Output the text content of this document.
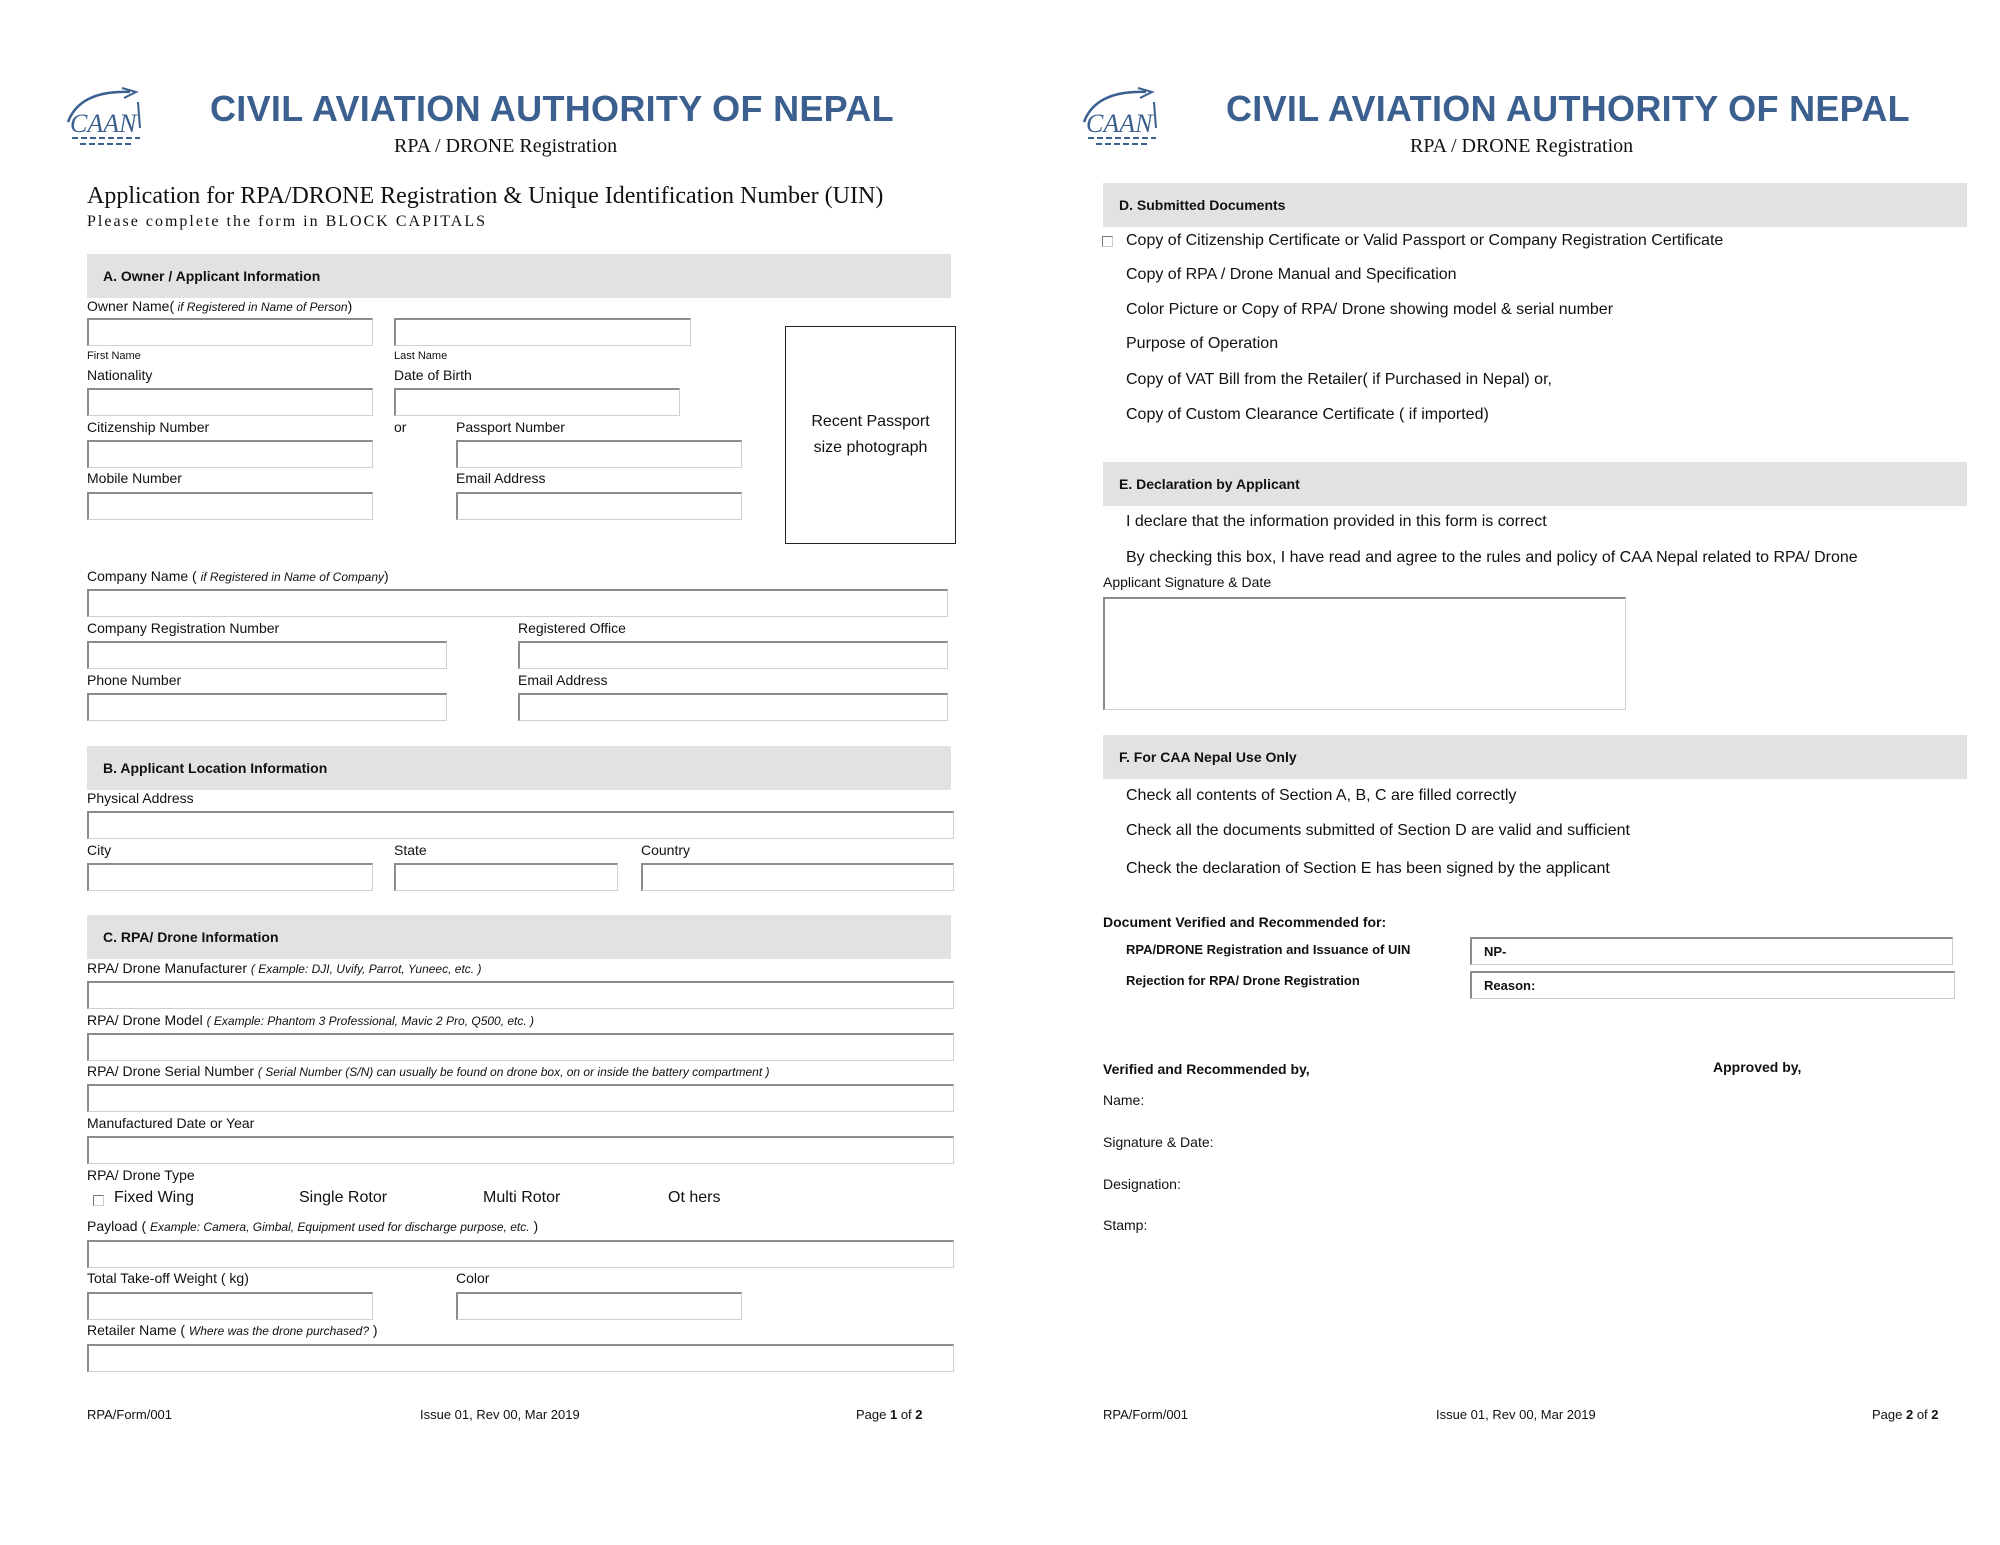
CAAN CIVIL AVIATION AUTHORITY OF NEPAL
RPA / DRONE Registration
Application for RPA/DRONE Registration & Unique Identification Number (UIN)
Please complete the form in BLOCK CAPITALS
A. Owner / Applicant Information
Owner Name( if Registered in Name of Person)
First Name	Last Name
Nationality	Date of Birth
Citizenship Number	or	Passport Number
Mobile Number	Email Address
Recent Passport size photograph
Company Name ( if Registered in Name of Company)
Company Registration Number	Registered Office
Phone Number	Email Address
B. Applicant Location Information
Physical Address
City	State	Country
C. RPA/ Drone Information
RPA/ Drone Manufacturer ( Example: DJI, Uvify, Parrot, Yuneec, etc. )
RPA/ Drone Model ( Example: Phantom 3 Professional, Mavic 2 Pro, Q500, etc. )
RPA/ Drone Serial Number ( Serial Number (S/N) can usually be found on drone box, on or inside the battery compartment )
Manufactured Date or Year
RPA/ Drone Type
Fixed Wing	Single Rotor	Multi Rotor	Ot hers
Payload ( Example: Camera, Gimbal, Equipment used for discharge purpose, etc. )
Total Take-off Weight ( kg)	Color
Retailer Name ( Where was the drone purchased? )
RPA/Form/001	Issue 01, Rev 00, Mar 2019	Page 1 of 2
CAAN CIVIL AVIATION AUTHORITY OF NEPAL
RPA / DRONE Registration
D. Submitted Documents
Copy of Citizenship Certificate or Valid Passport or Company Registration Certificate
Copy of RPA / Drone Manual and Specification
Color Picture or Copy of RPA/ Drone showing model & serial number
Purpose of Operation
Copy of VAT Bill from the Retailer( if Purchased in Nepal) or,
Copy of Custom Clearance Certificate ( if imported)
E. Declaration by Applicant
I declare that the information provided in this form is correct
By checking this box, I have read and agree to the rules and policy of CAA Nepal related to RPA/ Drone
Applicant Signature & Date
F. For CAA Nepal Use Only
Check all contents of Section A, B, C are filled correctly
Check all the documents submitted of Section D are valid and sufficient
Check the declaration of Section E has been signed by the applicant
Document Verified and Recommended for:
RPA/DRONE Registration and Issuance of UIN	NP-
Rejection for RPA/ Drone Registration	Reason:
Verified and Recommended by,	Approved by,
Name:
Signature & Date:
Designation:
Stamp:
RPA/Form/001	Issue 01, Rev 00, Mar 2019	Page 2 of 2
